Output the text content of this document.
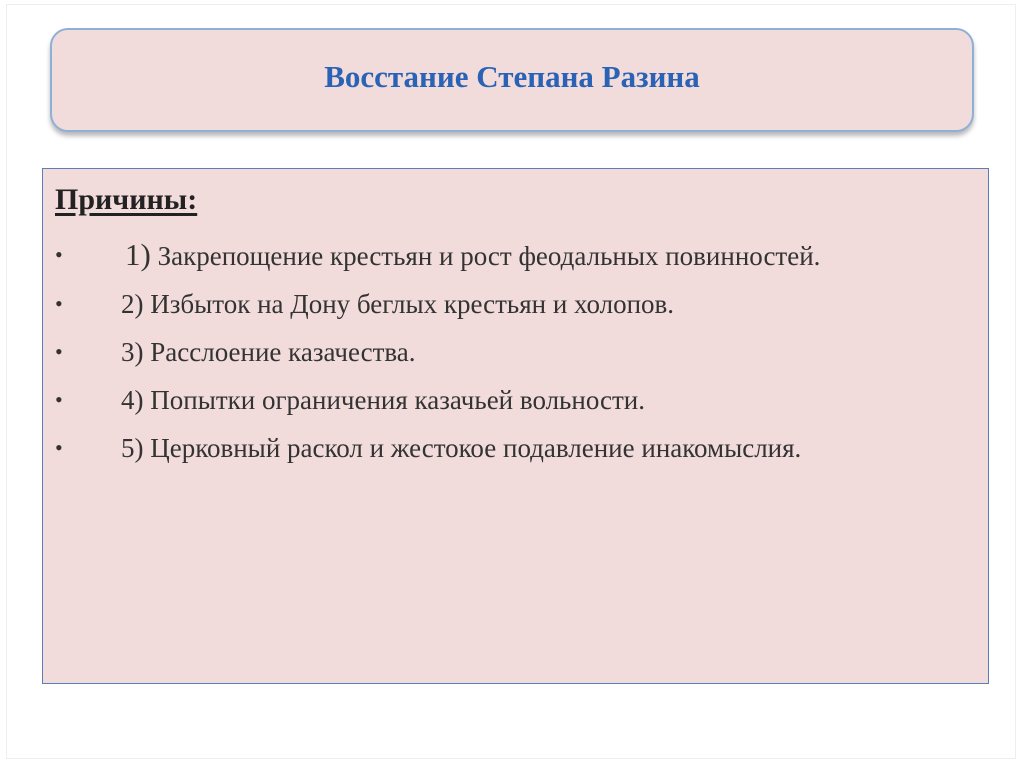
Восстание Степана Разина
Причины:
• 1) Закрепощение крестьян и рост феодальных повинностей.
• 2) Избыток на Дону беглых крестьян и холопов.
• 3) Расслоение казачества.
• 4) Попытки ограничения казачьей вольности.
• 5) Церковный раскол и жестокое подавление инакомыслия.
